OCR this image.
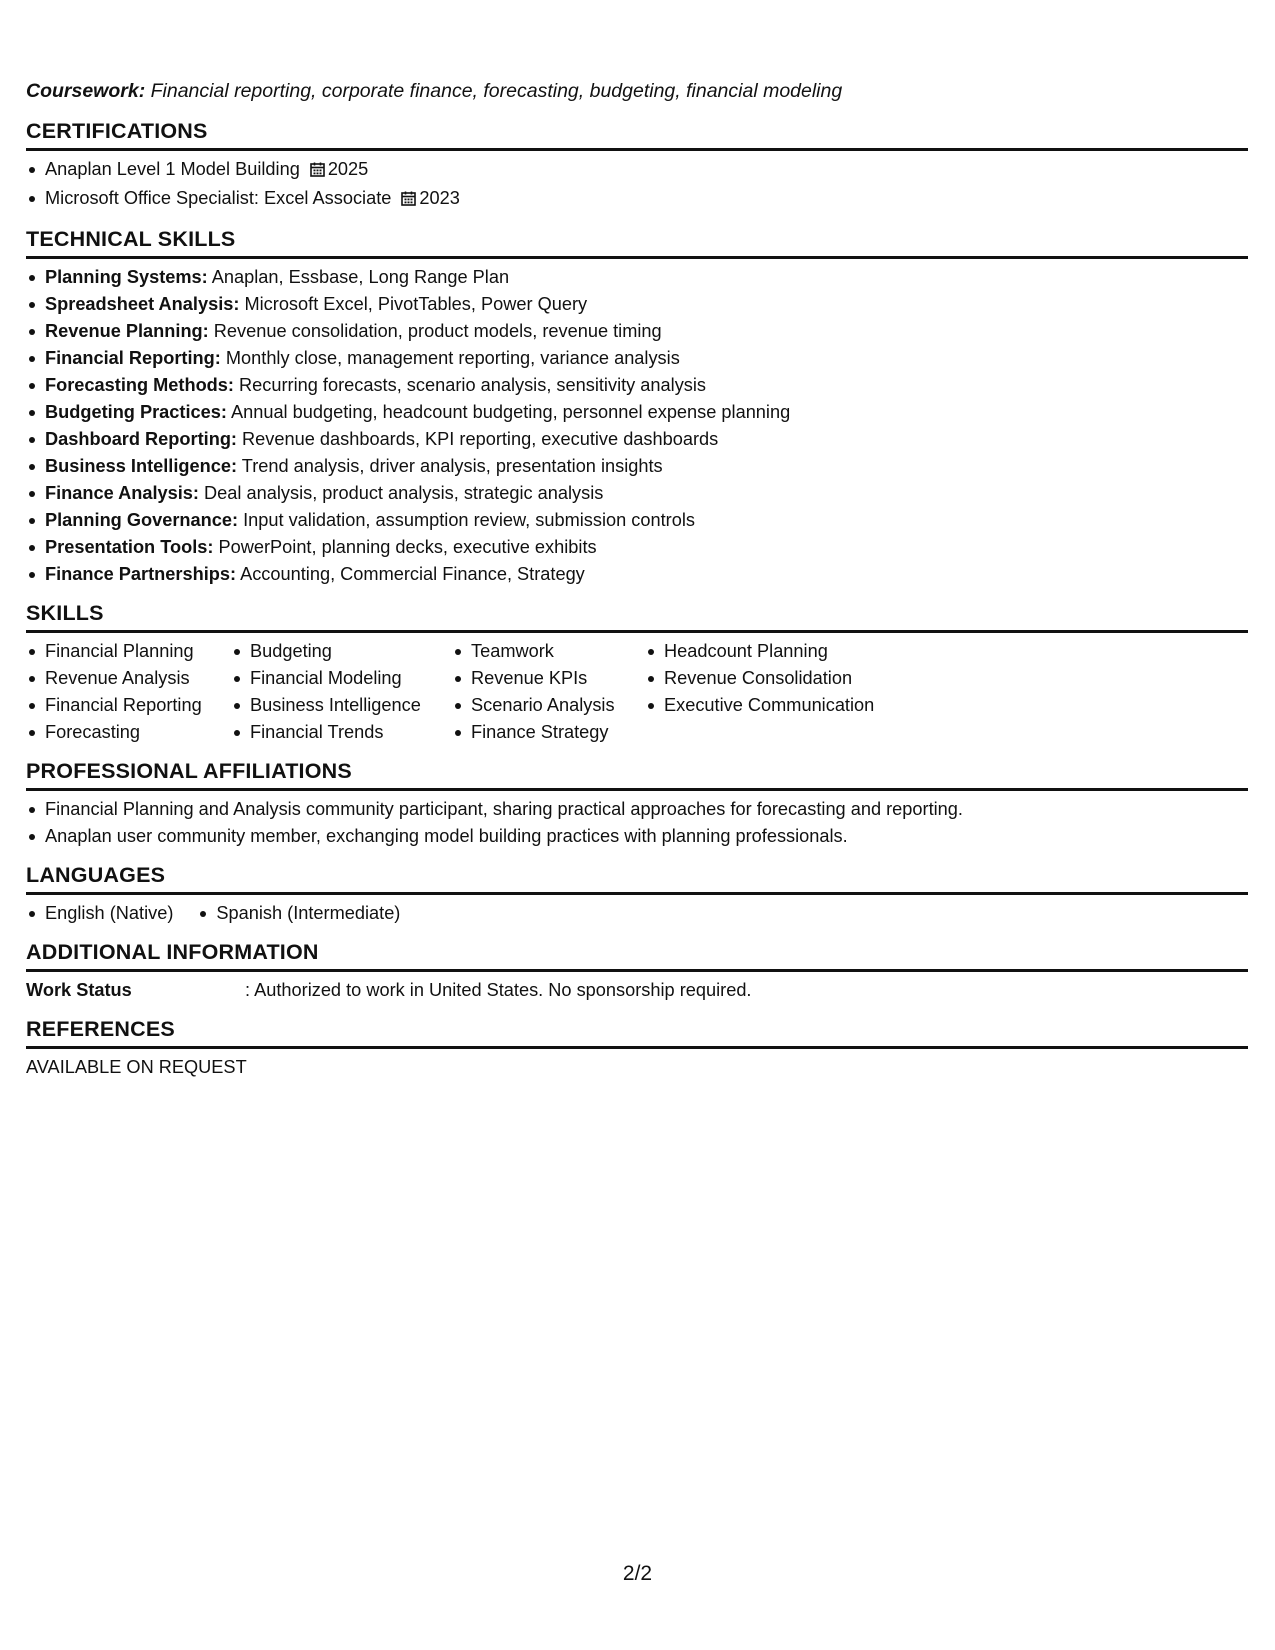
Coursework: Financial reporting, corporate finance, forecasting, budgeting, financial modeling

CERTIFICATIONS
Anaplan Level 1 Model Building 2025
Microsoft Office Specialist: Excel Associate 2023
TECHNICAL SKILLS
Planning Systems: Anaplan, Essbase, Long Range Plan
Spreadsheet Analysis: Microsoft Excel, PivotTables, Power Query
Revenue Planning: Revenue consolidation, product models, revenue timing
Financial Reporting: Monthly close, management reporting, variance analysis
Forecasting Methods: Recurring forecasts, scenario analysis, sensitivity analysis
Budgeting Practices: Annual budgeting, headcount budgeting, personnel expense planning
Dashboard Reporting: Revenue dashboards, KPI reporting, executive dashboards
Business Intelligence: Trend analysis, driver analysis, presentation insights
Finance Analysis: Deal analysis, product analysis, strategic analysis
Planning Governance: Input validation, assumption review, submission controls
Presentation Tools: PowerPoint, planning decks, executive exhibits
Finance Partnerships: Accounting, Commercial Finance, Strategy
SKILLS
Financial Planning
Revenue Analysis
Financial Reporting
Forecasting
Budgeting
Financial Modeling
Business Intelligence
Financial Trends
Teamwork
Revenue KPIs
Scenario Analysis
Finance Strategy
Headcount Planning
Revenue Consolidation
Executive Communication
PROFESSIONAL AFFILIATIONS
Financial Planning and Analysis community participant, sharing practical approaches for forecasting and reporting.
Anaplan user community member, exchanging model building practices with planning professionals.
LANGUAGES
English (Native)	Spanish (Intermediate)
ADDITIONAL INFORMATION
Work Status	: Authorized to work in United States. No sponsorship required.
REFERENCES

AVAILABLE ON REQUEST

2/2
